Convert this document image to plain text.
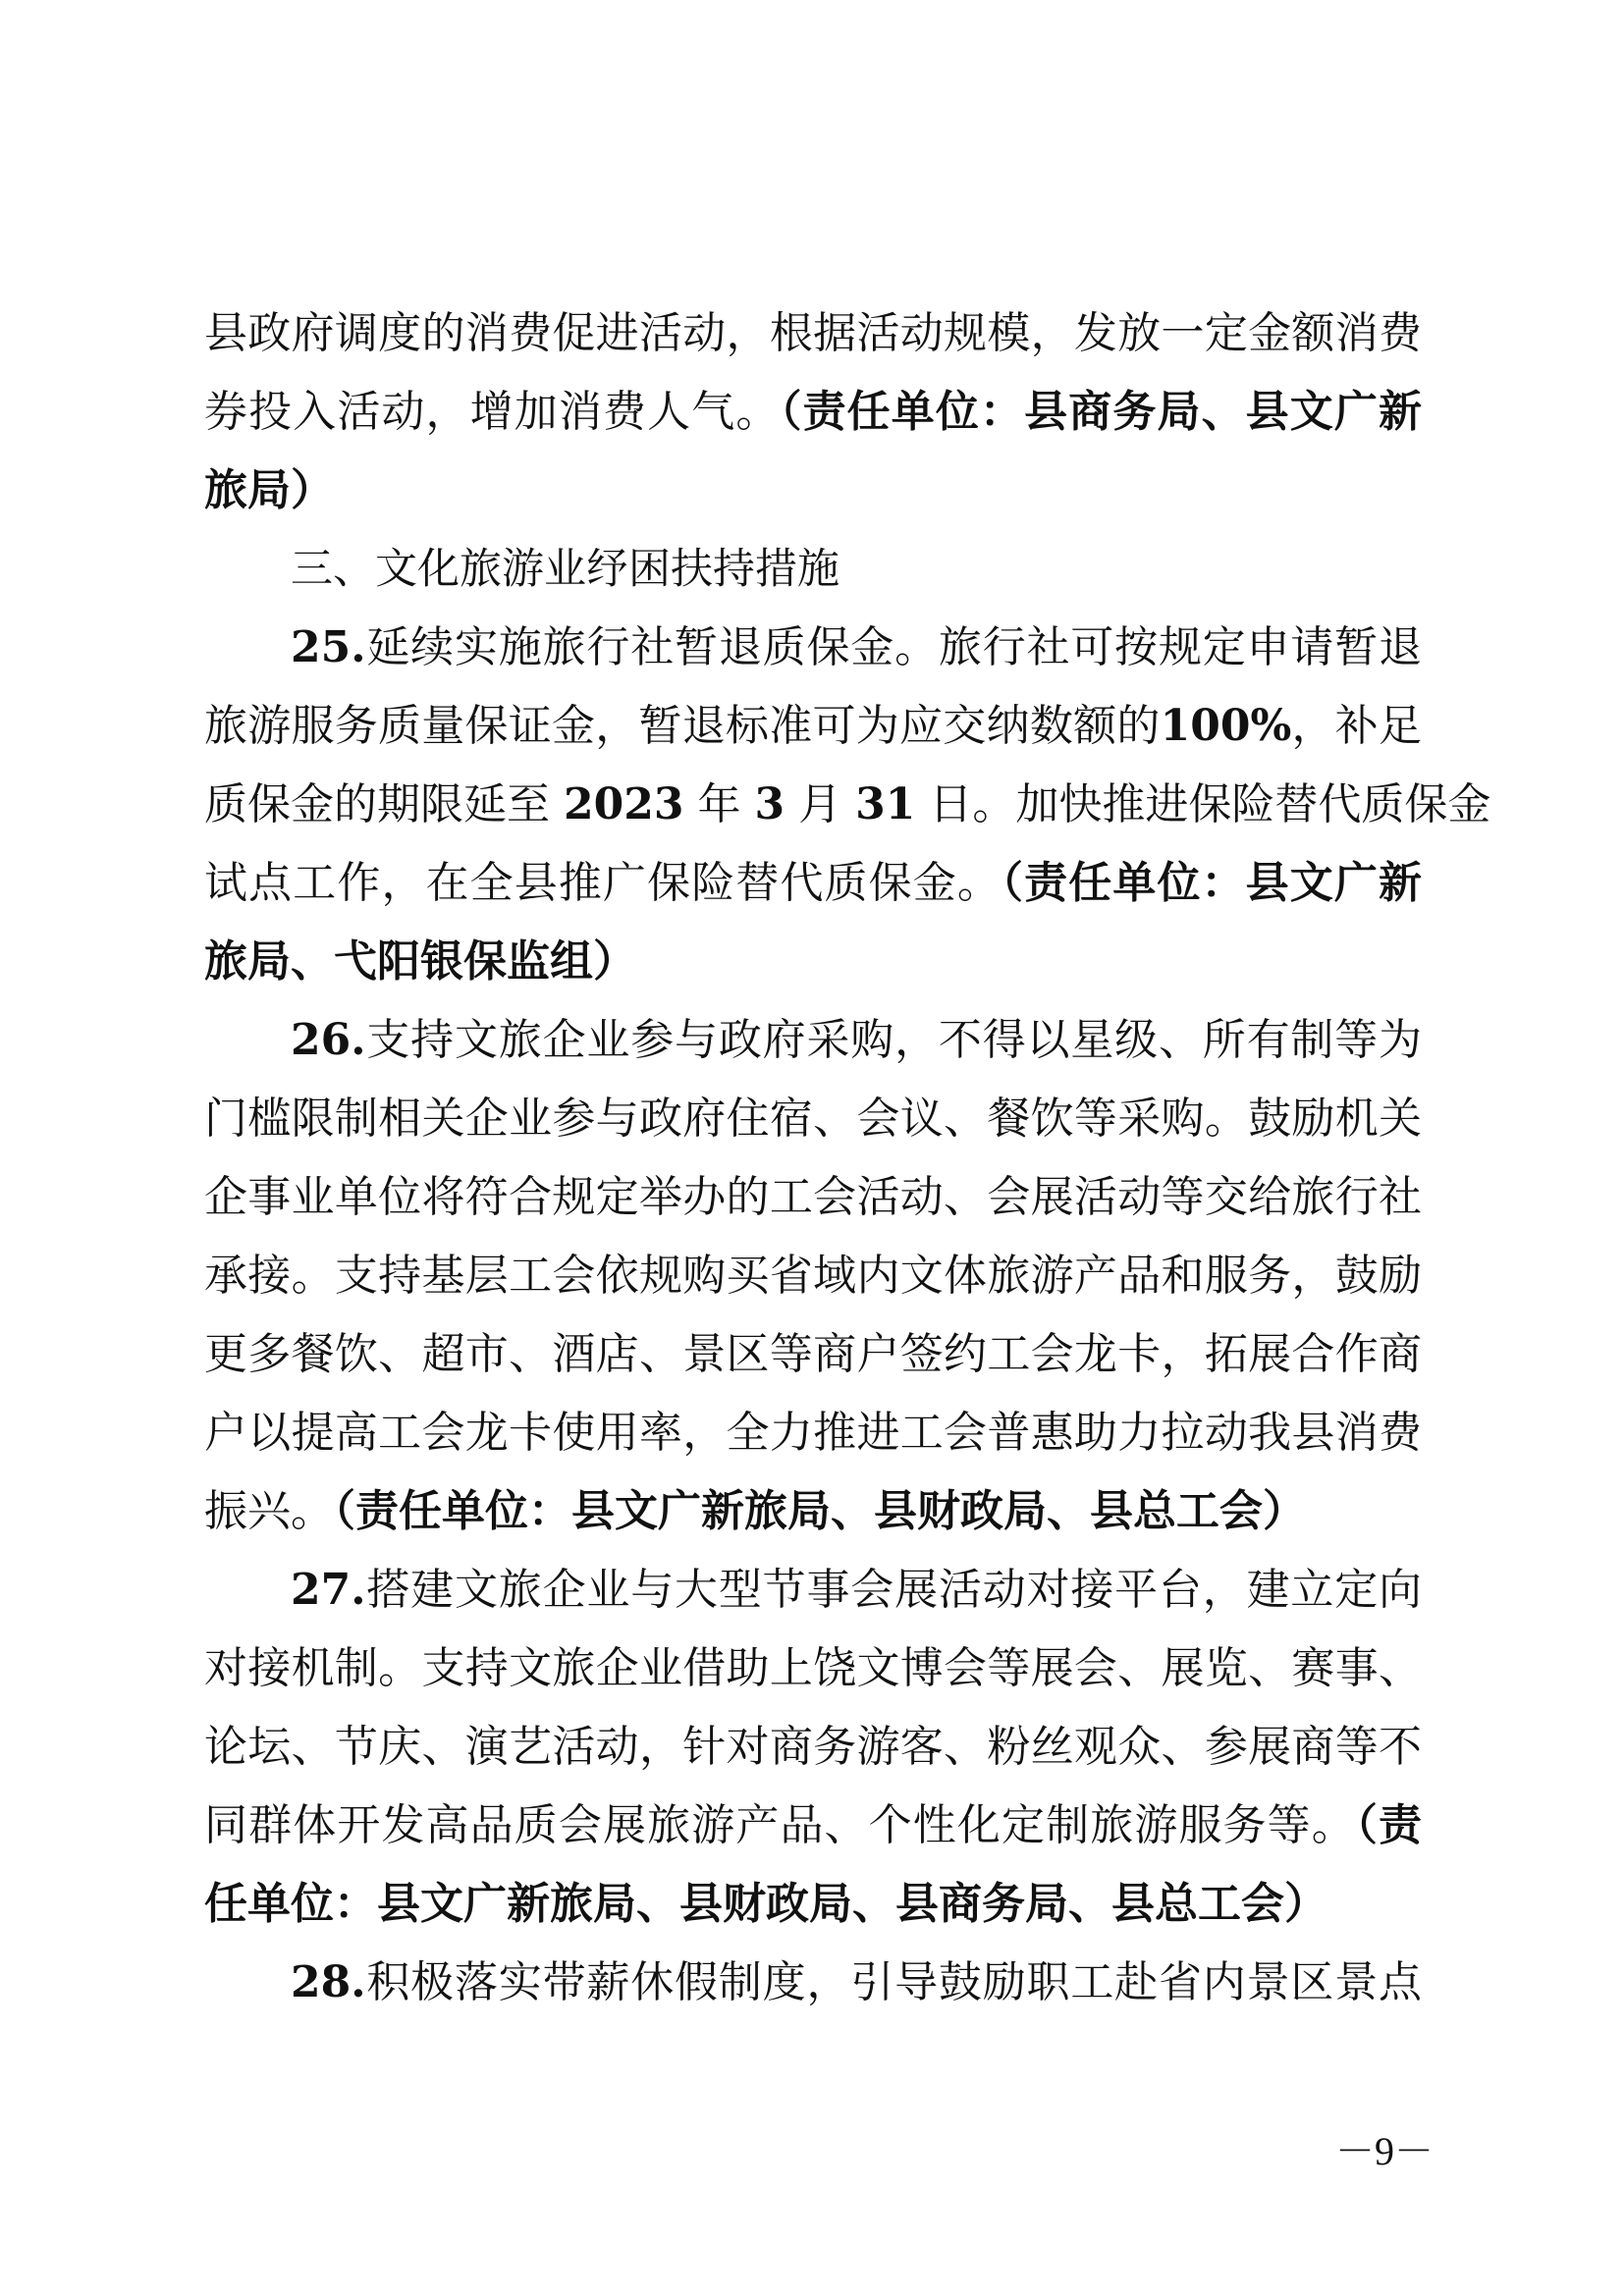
县政府调度的消费促进活动，根据活动规模，发放一定金额消费
券投入活动，增加消费人气。（责任单位：县商务局、县文广新
旅局）
三、文化旅游业纾困扶持措施
25.延续实施旅行社暂退质保金。旅行社可按规定申请暂退
旅游服务质量保证金，暂退标准可为应交纳数额的100%，补足
质保金的期限延至 2023 年 3 月 31 日。加快推进保险替代质保金
试点工作，在全县推广保险替代质保金。（责任单位：县文广新
旅局、弋阳银保监组）
26.支持文旅企业参与政府采购，不得以星级、所有制等为
门槛限制相关企业参与政府住宿、会议、餐饮等采购。鼓励机关
企事业单位将符合规定举办的工会活动、会展活动等交给旅行社
承接。支持基层工会依规购买省域内文体旅游产品和服务，鼓励
更多餐饮、超市、酒店、景区等商户签约工会龙卡，拓展合作商
户以提高工会龙卡使用率，全力推进工会普惠助力拉动我县消费
振兴。（责任单位：县文广新旅局、县财政局、县总工会）
27.搭建文旅企业与大型节事会展活动对接平台，建立定向
对接机制。支持文旅企业借助上饶文博会等展会、展览、赛事、
论坛、节庆、演艺活动，针对商务游客、粉丝观众、参展商等不
同群体开发高品质会展旅游产品、个性化定制旅游服务等。（责
任单位：县文广新旅局、县财政局、县商务局、县总工会）
28.积极落实带薪休假制度，引导鼓励职工赴省内景区景点
－9－
